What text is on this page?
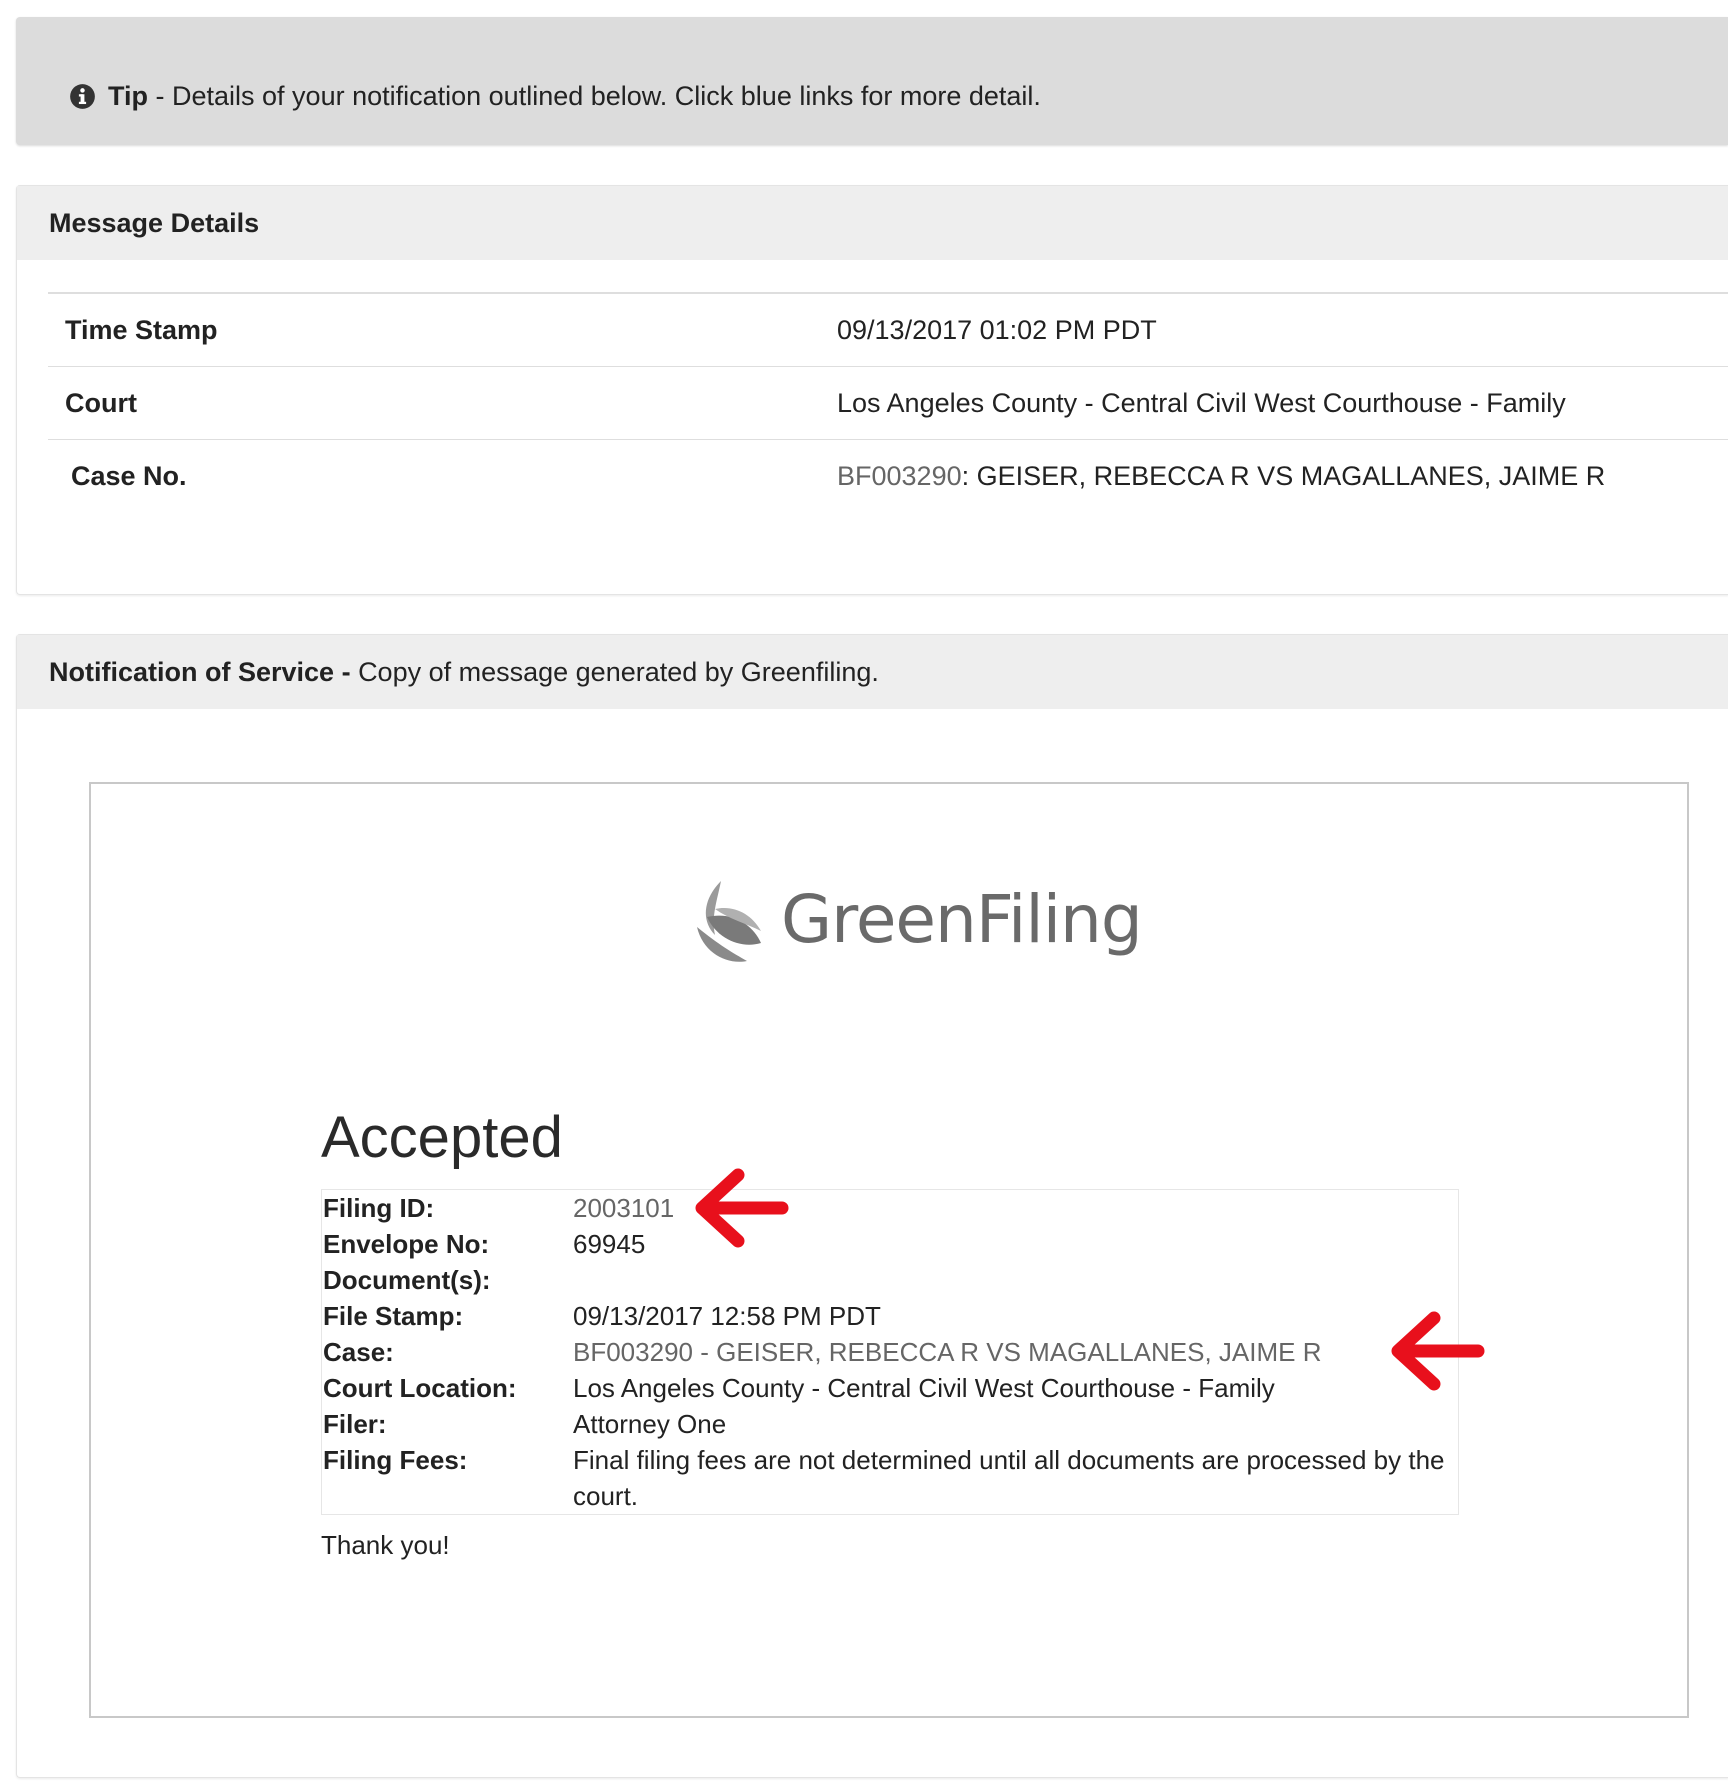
Tip - Details of your notification outlined below. Click blue links for more detail.
Message Details
Time Stamp	09/13/2017 01:02 PM PDT
Court	Los Angeles County - Central Civil West Courthouse - Family
Case No.	BF003290: GEISER, REBECCA R VS MAGALLANES, JAIME R
Notification of Service - Copy of message generated by Greenfiling.
GreenFiling
Accepted
Filing ID:	2003101
Envelope No:	69945
Document(s):
File Stamp:	09/13/2017 12:58 PM PDT
Case:	BF003290 - GEISER, REBECCA R VS MAGALLANES, JAIME R
Court Location: Los Angeles County - Central Civil West Courthouse - Family
Filer:	Attorney One
Filing Fees:	Final filing fees are not determined until all documents are processed by the court.
Thank you!
